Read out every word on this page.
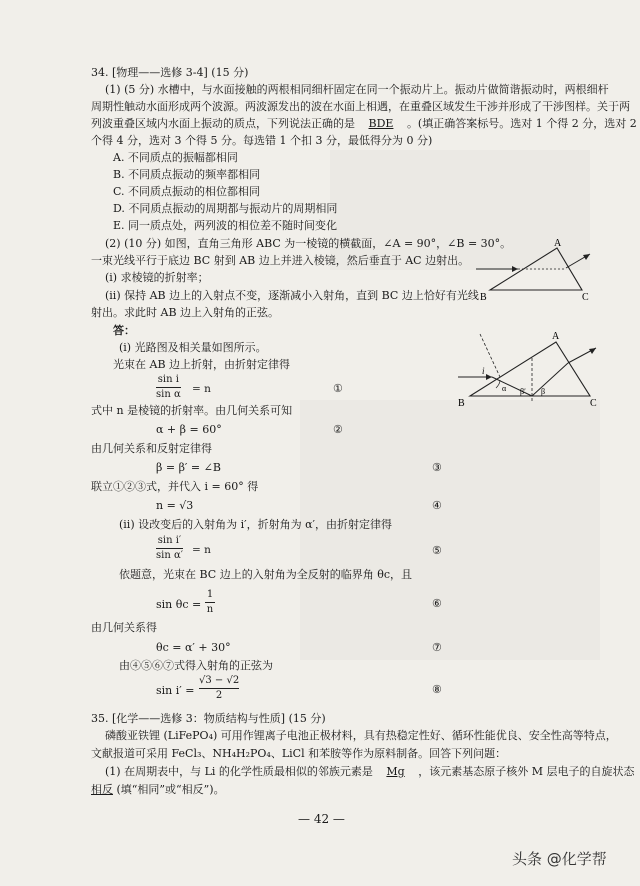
34. [物理——选修 3-4] (15 分)
(1) (5 分) 水槽中，与水面接触的两根相同细杆固定在同一个振动片上。振动片做简谐振动时，两根细杆
周期性触动水面形成两个波源。两波源发出的波在水面上相遇，在重叠区域发生干涉并形成了干涉图样。关于两
列波重叠区域内水面上振动的质点，下列说法正确的是 BDE 。(填正确答案标号。选对 1 个得 2 分，选对 2
个得 4 分，选对 3 个得 5 分。每选错 1 个扣 3 分，最低得分为 0 分)
A. 不同质点的振幅都相同
B. 不同质点振动的频率都相同
C. 不同质点振动的相位都相同
D. 不同质点振动的周期都与振动片的周期相同
E. 同一质点处，两列波的相位差不随时间变化
(2) (10 分) 如图，直角三角形 ABC 为一棱镜的横截面，∠A = 90°，∠B = 30°。
一束光线平行于底边 BC 射到 AB 边上并进入棱镜，然后垂直于 AC 边射出。
(i) 求棱镜的折射率；
(ii) 保持 AB 边上的入射点不变，逐渐减小入射角，直到 BC 边上恰好有光线
射出。求此时 AB 边上入射角的正弦。
A
B	C
答：
(i) 光路图及相关量如图所示。
光束在 AB 边上折射，由折射定律得
sin i
sin α = n	①
式中 n 是棱镜的折射率。由几何关系可知
α + β = 60°	②
由几何关系和反射定律得
β = β′ = ∠B	③
联立①②③式，并代入 i = 60° 得
n = √3	④
(ii) 设改变后的入射角为 i′，折射角为 α′，由折射定律得
sin i′
sin α′ = n	⑤
依题意，光束在 BC 边上的入射角为全反射的临界角 θc，且
sin θc =
1
n	⑥
由几何关系得
θc = α′ + 30°	⑦
由④⑤⑥⑦式得入射角的正弦为
sin i′ =
√3 − √2
2	⑧
A
B	C
i
α β′ β
35. [化学——选修 3：物质结构与性质] (15 分)
磷酸亚铁锂 (LiFePO₄) 可用作锂离子电池正极材料，具有热稳定性好、循环性能优良、安全性高等特点，
文献报道可采用 FeCl₃、NH₄H₂PO₄、LiCl 和苯胺等作为原料制备。回答下列问题：
(1) 在周期表中，与 Li 的化学性质最相似的邻族元素是 Mg ，该元素基态原子核外 M 层电子的自旋状态
相反 (填“相同”或“相反”)。
— 42 —
头条 @化学帮
